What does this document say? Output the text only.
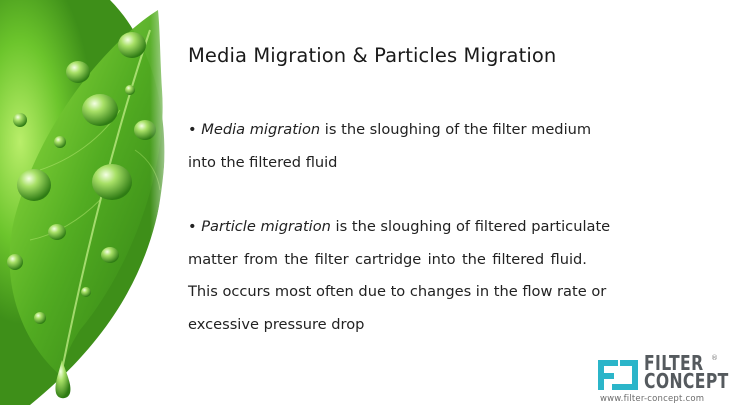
Media Migration & Particles Migration

• Media migration is the sloughing of the filter medium
into the filtered fluid

• Particle migration is the sloughing of filtered particulate
matter from the filter cartridge into the filtered fluid.
This occurs most often due to changes in the flow rate or
excessive pressure drop

FILTER
CONCEPT
®
www.filter-concept.com
